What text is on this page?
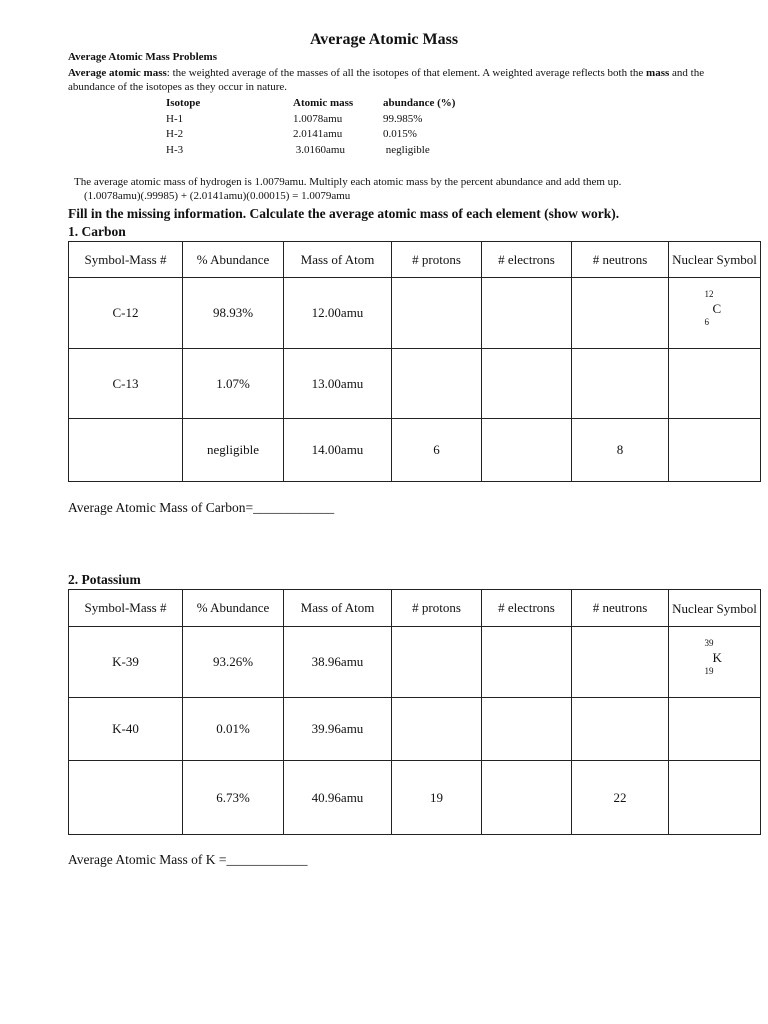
Average Atomic Mass
Average Atomic Mass Problems
Average atomic mass: the weighted average of the masses of all the isotopes of that element. A weighted average reflects both the mass and the abundance of the isotopes as they occur in nature.
Isotope	Atomic mass	abundance (%)
H-1	1.0078amu	99.985%
H-2	2.0141amu	0.015%
H-3	3.0160amu	negligible
The average atomic mass of hydrogen is 1.0079amu. Multiply each atomic mass by the percent abundance and add them up.
(1.0078amu)(.99985) + (2.0141amu)(0.00015) = 1.0079amu
Fill in the missing information. Calculate the average atomic mass of each element (show work).
1. Carbon
Symbol-Mass #	% Abundance	Mass of Atom	# protons	# electrons	# neutrons	Nuclear Symbol
C-12	98.93%	12.00amu				12
C
6

C-13	1.07%	13.00amu				
	negligible	14.00amu	6		8	
Average Atomic Mass of Carbon=____________
2. Potassium
Symbol-Mass #	% Abundance	Mass of Atom	# protons	# electrons	# neutrons	Nuclear Symbol
K-39	93.26%	38.96amu				39
K
19

K-40	0.01%	39.96amu				
	6.73%	40.96amu	19		22	
Average Atomic Mass of K =____________
